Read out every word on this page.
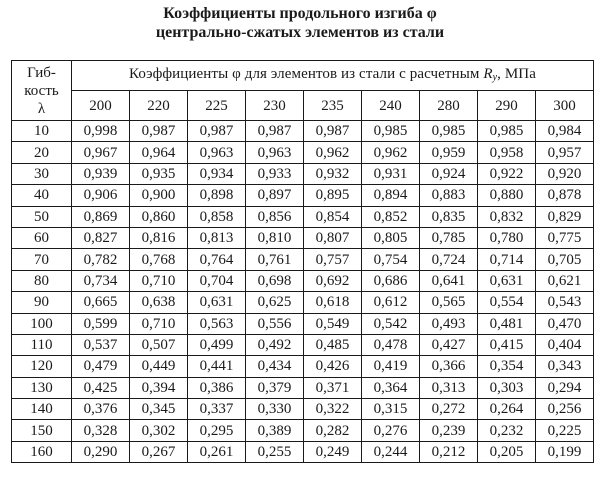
Коэффициенты продольного изгиба φ
центрально-сжатых элементов из стали
Гиб-
кость
λ	Коэффициенты φ для элементов из стали с расчетным $R_y$, МПа								
	200	220	225	230	235	240	280	290	300
10	0,998	0,987	0,987	0,987	0,987	0,985	0,985	0,985	0,984
20	0,967	0,964	0,963	0,963	0,962	0,962	0,959	0,958	0,957
30	0,939	0,935	0,934	0,933	0,932	0,931	0,924	0,922	0,920
40	0,906	0,900	0,898	0,897	0,895	0,894	0,883	0,880	0,878
50	0,869	0,860	0,858	0,856	0,854	0,852	0,835	0,832	0,829
60	0,827	0,816	0,813	0,810	0,807	0,805	0,785	0,780	0,775
70	0,782	0,768	0,764	0,761	0,757	0,754	0,724	0,714	0,705
80	0,734	0,710	0,704	0,698	0,692	0,686	0,641	0,631	0,621
90	0,665	0,638	0,631	0,625	0,618	0,612	0,565	0,554	0,543
100	0,599	0,710	0,563	0,556	0,549	0,542	0,493	0,481	0,470
110	0,537	0,507	0,499	0,492	0,485	0,478	0,427	0,415	0,404
120	0,479	0,449	0,441	0,434	0,426	0,419	0,366	0,354	0,343
130	0,425	0,394	0,386	0,379	0,371	0,364	0,313	0,303	0,294
140	0,376	0,345	0,337	0,330	0,322	0,315	0,272	0,264	0,256
150	0,328	0,302	0,295	0,389	0,282	0,276	0,239	0,232	0,225
160	0,290	0,267	0,261	0,255	0,249	0,244	0,212	0,205	0,199
